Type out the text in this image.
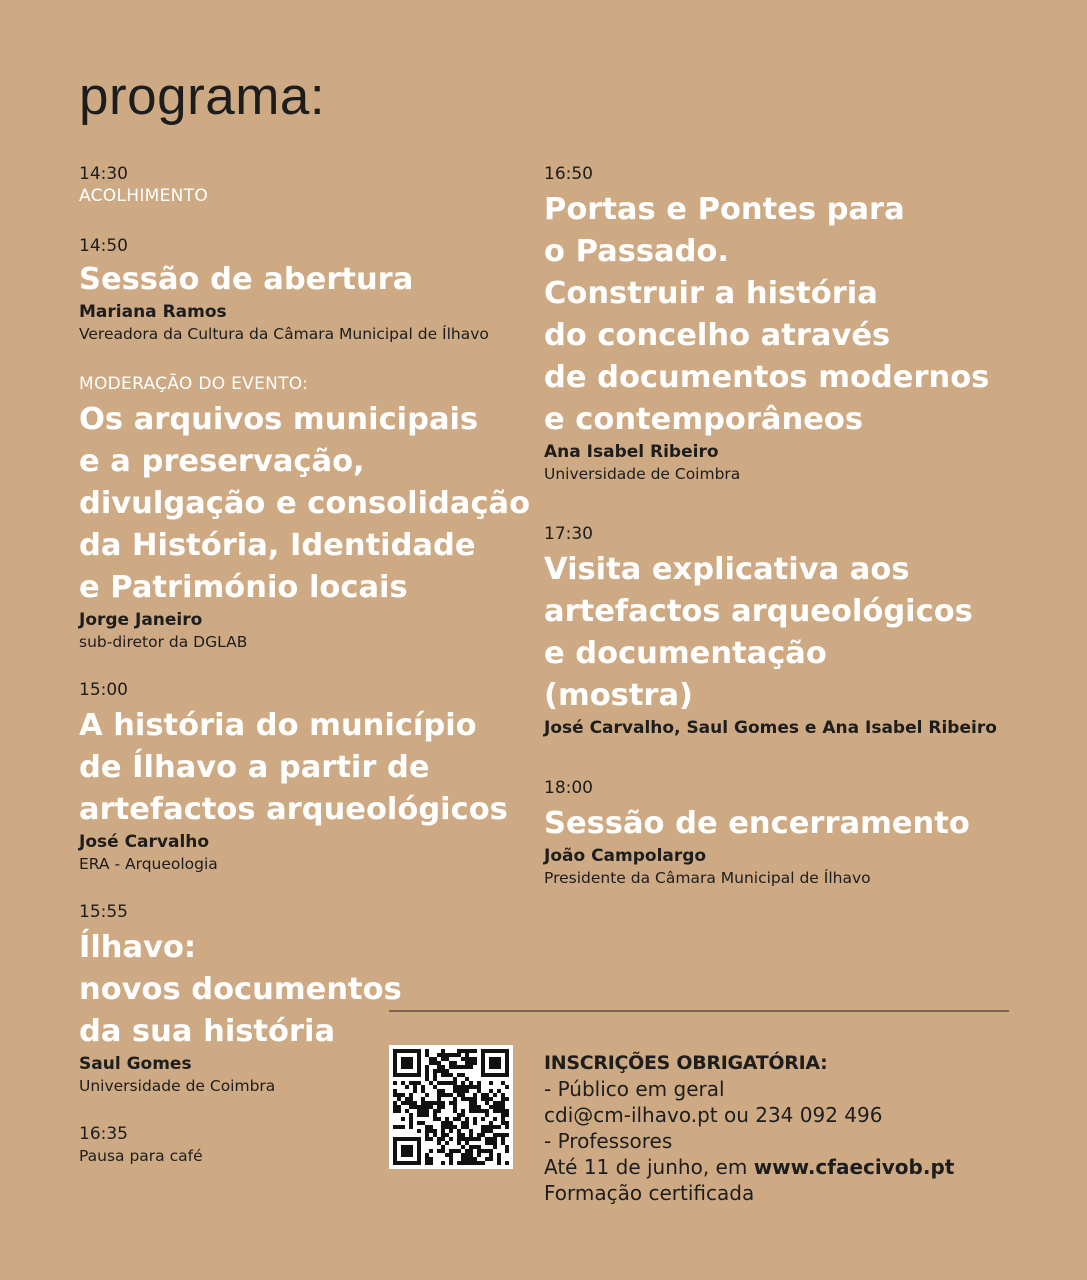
programa:
14:30
ACOLHIMENTO
14:50
Sessão de abertura
Mariana Ramos
Vereadora da Cultura da Câmara Municipal de Ílhavo
MODERAÇÃO DO EVENTO:
Os arquivos municipais
e a preservação,
divulgação e consolidação
da História, Identidade
e Património locais
Jorge Janeiro
sub-diretor da DGLAB
15:00
A história do município
de Ílhavo a partir de
artefactos arqueológicos
José Carvalho
ERA - Arqueologia
15:55
Ílhavo:
novos documentos
da sua história
Saul Gomes
Universidade de Coimbra
16:35
Pausa para café
16:50
Portas e Pontes para
o Passado.
Construir a história
do concelho através
de documentos modernos
e contemporâneos
Ana Isabel Ribeiro
Universidade de Coimbra
17:30
Visita explicativa aos
artefactos arqueológicos
e documentação
(mostra)
José Carvalho, Saul Gomes e Ana Isabel Ribeiro
18:00
Sessão de encerramento
João Campolargo
Presidente da Câmara Municipal de Ílhavo
INSCRIÇÕES OBRIGATÓRIA:
- Público em geral
cdi@cm-ilhavo.pt ou 234 092 496
- Professores
Até 11 de junho, em www.cfaecivob.pt
Formação certificada
